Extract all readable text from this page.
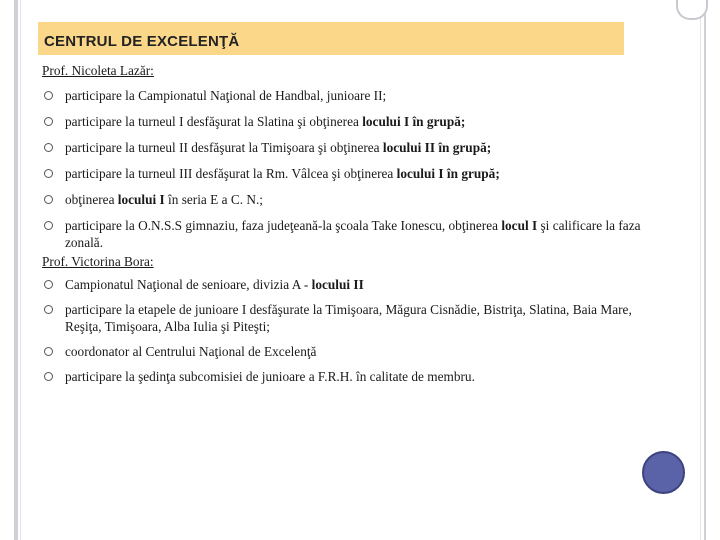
CENTRUL DE EXCELENŢĂ

Prof. Nicoleta Lazăr:

participare la Campionatul Naţional de Handbal, junioare II;
participare la turneul I desfăşurat la Slatina şi obţinerea locului I în grupă;
participare la turneul II desfăşurat la Timişoara şi obţinerea locului II în grupă;
participare la turneul III desfăşurat la Rm. Vâlcea şi obţinerea locului I în grupă;
obţinerea locului I în seria E a C. N.;
participare la O.N.S.S gimnaziu, faza judeţeană-la şcoala Take Ionescu, obţinerea locul I şi calificare la faza zonală.

Prof. Victorina Bora:

Campionatul Naţional de senioare, divizia A - locului II
participare la etapele de junioare I desfăşurate la Timişoara, Măgura Cisnădie, Bistriţa, Slatina, Baia Mare, Reşiţa, Timişoara, Alba Iulia şi Piteşti;
coordonator al Centrului Naţional de Excelenţă
participare la şedinţa subcomisiei de junioare a F.R.H. în calitate de membru.
